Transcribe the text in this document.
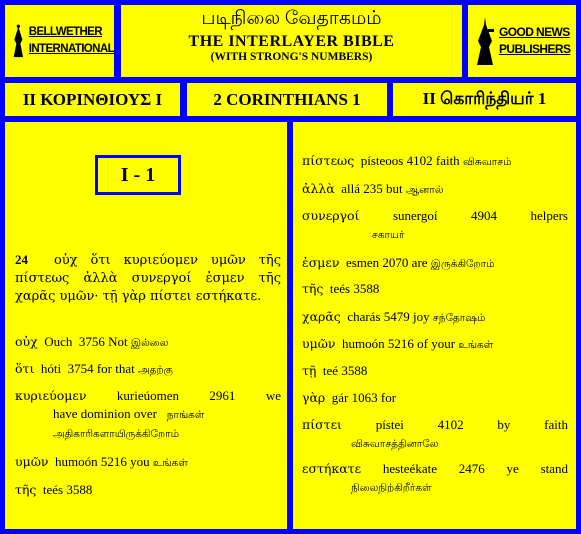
BELLWETHER
INTERNATIONAL
படிநிலை வேதாகமம்
THE INTERLAYER BIBLE
(WITH STRONG'S NUMBERS)
GOOD NEWS
PUBLISHERS
II ΚΟΡΙΝΘΙΟΥΣ Ι	2 CORINTHIANS 1	II கொரிந்தியர் 1
I - 1
24 οὐχ ὅτι κυριεύομεν υμῶν τῆς πίστεως ἀλλὰ συνεργοί ἐσμεν τῆς χαρᾶς υμῶν· τῇ γὰρ πίστει εστήκατε.
οὐχ Ouch 3756 Not இல்லை
ὅτι hóti 3754 for that அதற்கு
κυριεύομεν kurieúomen 2961 we
have dominion over நாங்கள் அதிகாரிகளாயிருக்கிறோம்
υμῶν humoón 5216 you உங்கள்
τῆς teés 3588
πίστεως písteoos 4102 faith விசுவாசம்
ἀλλὰ allá 235 but ஆனால்
συνεργοί	sunergoí	4904	helpers
சகாயர்
ἐσμεν esmen 2070 are இருக்கிறோம்
τῆς teés 3588
χαρᾶς charás 5479 joy சந்தோஷம்
υμῶν humoón 5216 of your உங்கள்
τῇ teé 3588
γὰρ gár 1063 for
πίστει	pístei	4102	by faith
விசுவாசத்தினாலே
εστήκατε hesteékate 2476 ye stand
நிலைநிற்கிறீர்கள்
